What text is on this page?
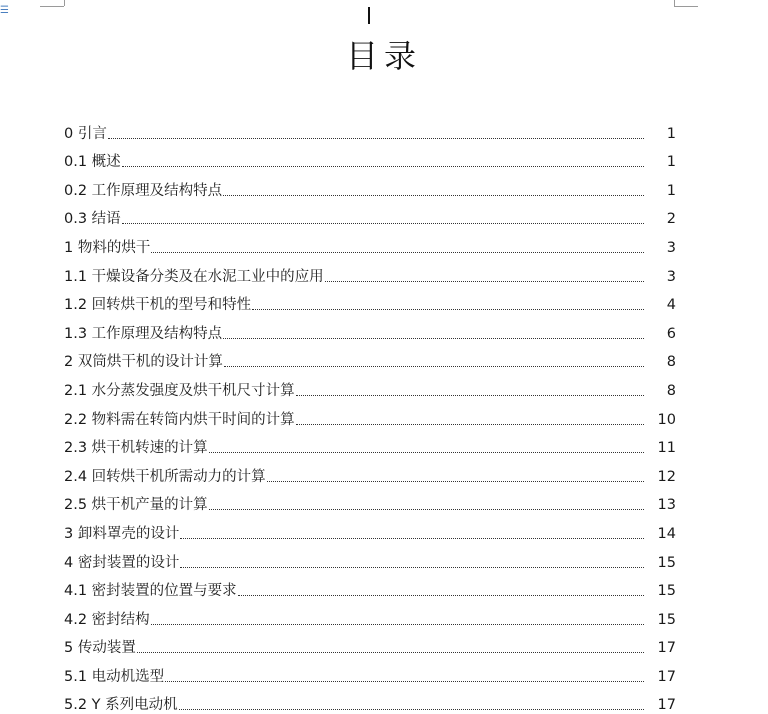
☰
目录
0 引言	1
0.1 概述	1
0.2 工作原理及结构特点	1
0.3 结语	2
1 物料的烘干	3
1.1 干燥设备分类及在水泥工业中的应用	3
1.2 回转烘干机的型号和特性	4
1.3 工作原理及结构特点	6
2 双筒烘干机的设计计算	8
2.1 水分蒸发强度及烘干机尺寸计算	8
2.2 物料需在转筒内烘干时间的计算	10
2.3 烘干机转速的计算	11
2.4 回转烘干机所需动力的计算	12
2.5 烘干机产量的计算	13
3 卸料罩壳的设计	14
4 密封装置的设计	15
4.1 密封装置的位置与要求	15
4.2 密封结构	15
5 传动装置	17
5.1 电动机选型	17
5.2 Y 系列电动机	17
